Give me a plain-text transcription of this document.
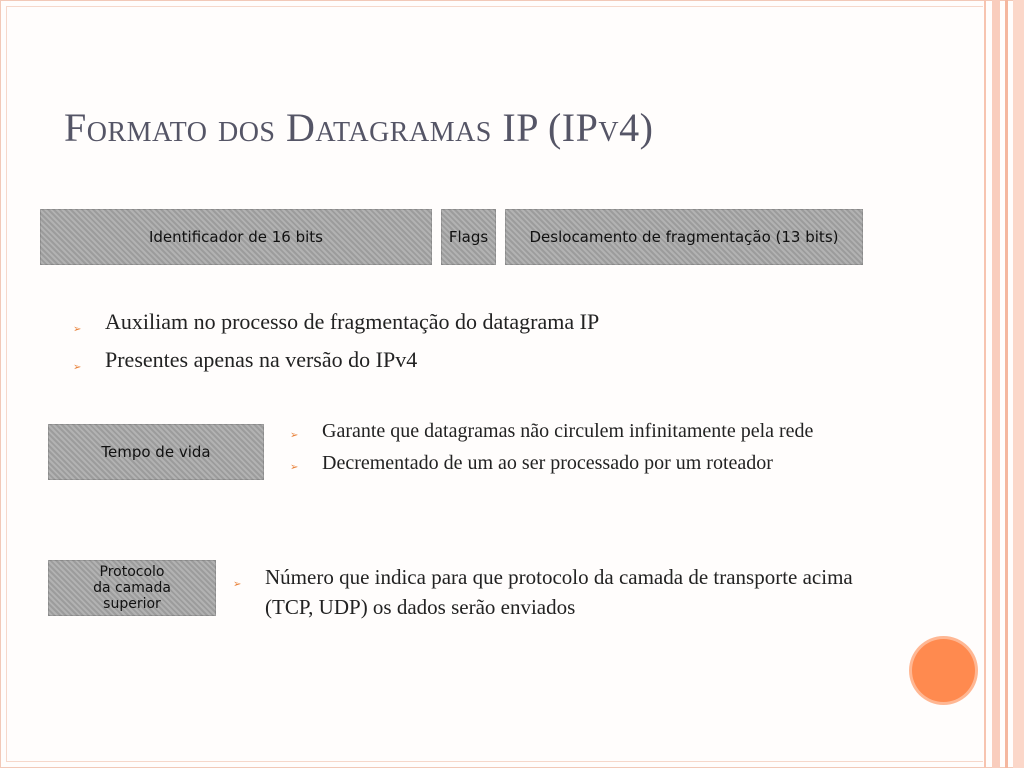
Formato dos Datagramas IP (IPv4)
Identificador de 16 bits	Flags	Deslocamento de fragmentação (13 bits)
➢ Auxiliam no processo de fragmentação do datagrama IP
➢ Presentes apenas na versão do IPv4
Tempo de vida
➢ Garante que datagramas não circulem infinitamente pela rede
➢ Decrementado de um ao ser processado por um roteador
Protocolo
da camada
superior
➢ Número que indica para que protocolo da camada de transporte acima (TCP, UDP) os dados serão enviados
